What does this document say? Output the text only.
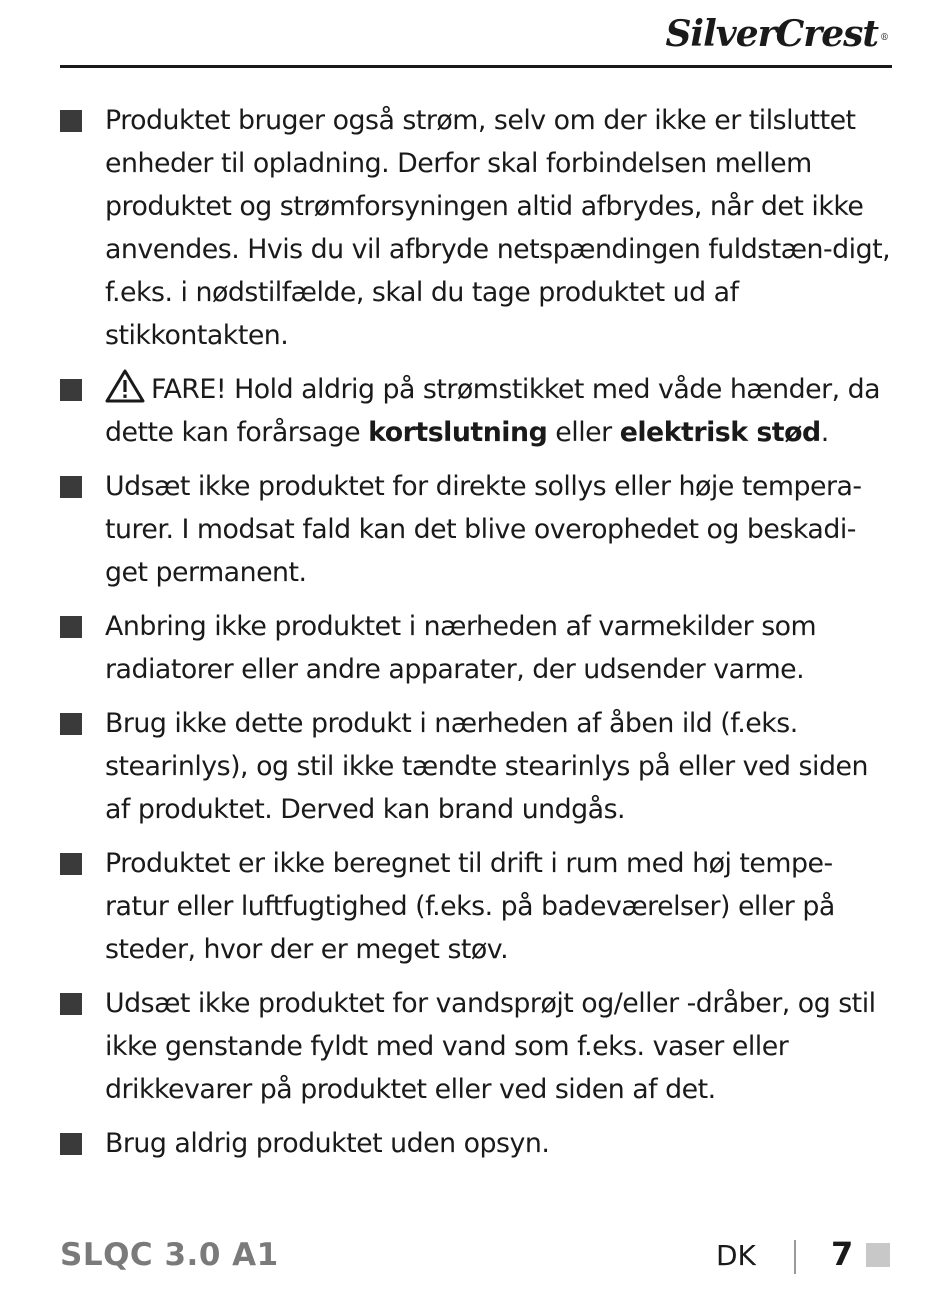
SilverCrest ®
Produktet bruger også strøm, selv om der ikke er tilsluttet enheder til opladning. Derfor skal forbindelsen mellem produktet og strømforsyningen altid afbrydes, når det ikke anvendes. Hvis du vil afbryde netspændingen fuldstæn-digt, f.eks. i nødstilfælde, skal du tage produktet ud af stikkontakten.
FARE! Hold aldrig på strømstikket med våde hænder, da dette kan forårsage kortslutning eller elektrisk stød.
Udsæt ikke produktet for direkte sollys eller høje tempera-turer. I modsat fald kan det blive overophedet og beskadi-get permanent.
Anbring ikke produktet i nærheden af varmekilder som radiatorer eller andre apparater, der udsender varme.
Brug ikke dette produkt i nærheden af åben ild (f.eks. stearinlys), og stil ikke tændte stearinlys på eller ved siden af produktet. Derved kan brand undgås.
Produktet er ikke beregnet til drift i rum med høj tempe-ratur eller luftfugtighed (f.eks. på badeværelser) eller på steder, hvor der er meget støv.
Udsæt ikke produktet for vandsprøjt og/eller -dråber, og stil ikke genstande fyldt med vand som f.eks. vaser eller drikkevarer på produktet eller ved siden af det.
Brug aldrig produktet uden opsyn.
SLQC 3.0 A1	DK 7
